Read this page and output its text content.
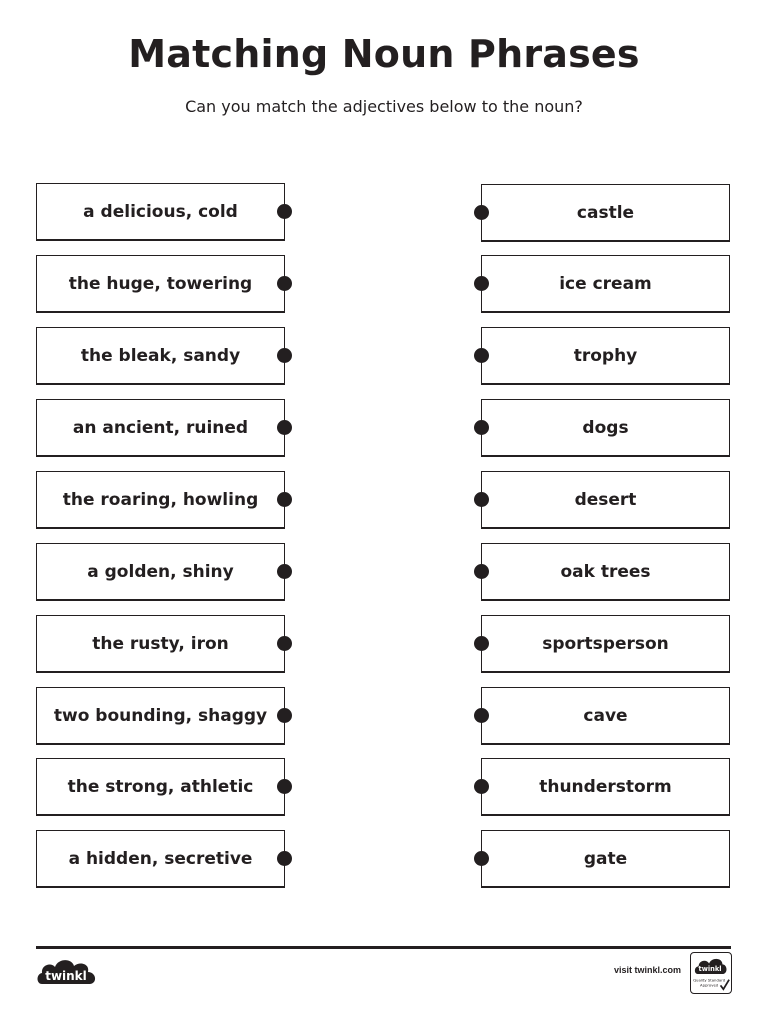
Matching Noun Phrases
Can you match the adjectives below to the noun?
a delicious, cold
the huge, towering
the bleak, sandy
an ancient, ruined
the roaring, howling
a golden, shiny
the rusty, iron
two bounding, shaggy
the strong, athletic
a hidden, secretive
castle
ice cream
trophy
dogs
desert
oak trees
sportsperson
cave
thunderstorm
gate
twinkl	visit twinkl.com	twinkl
Quality Standard
Approved
